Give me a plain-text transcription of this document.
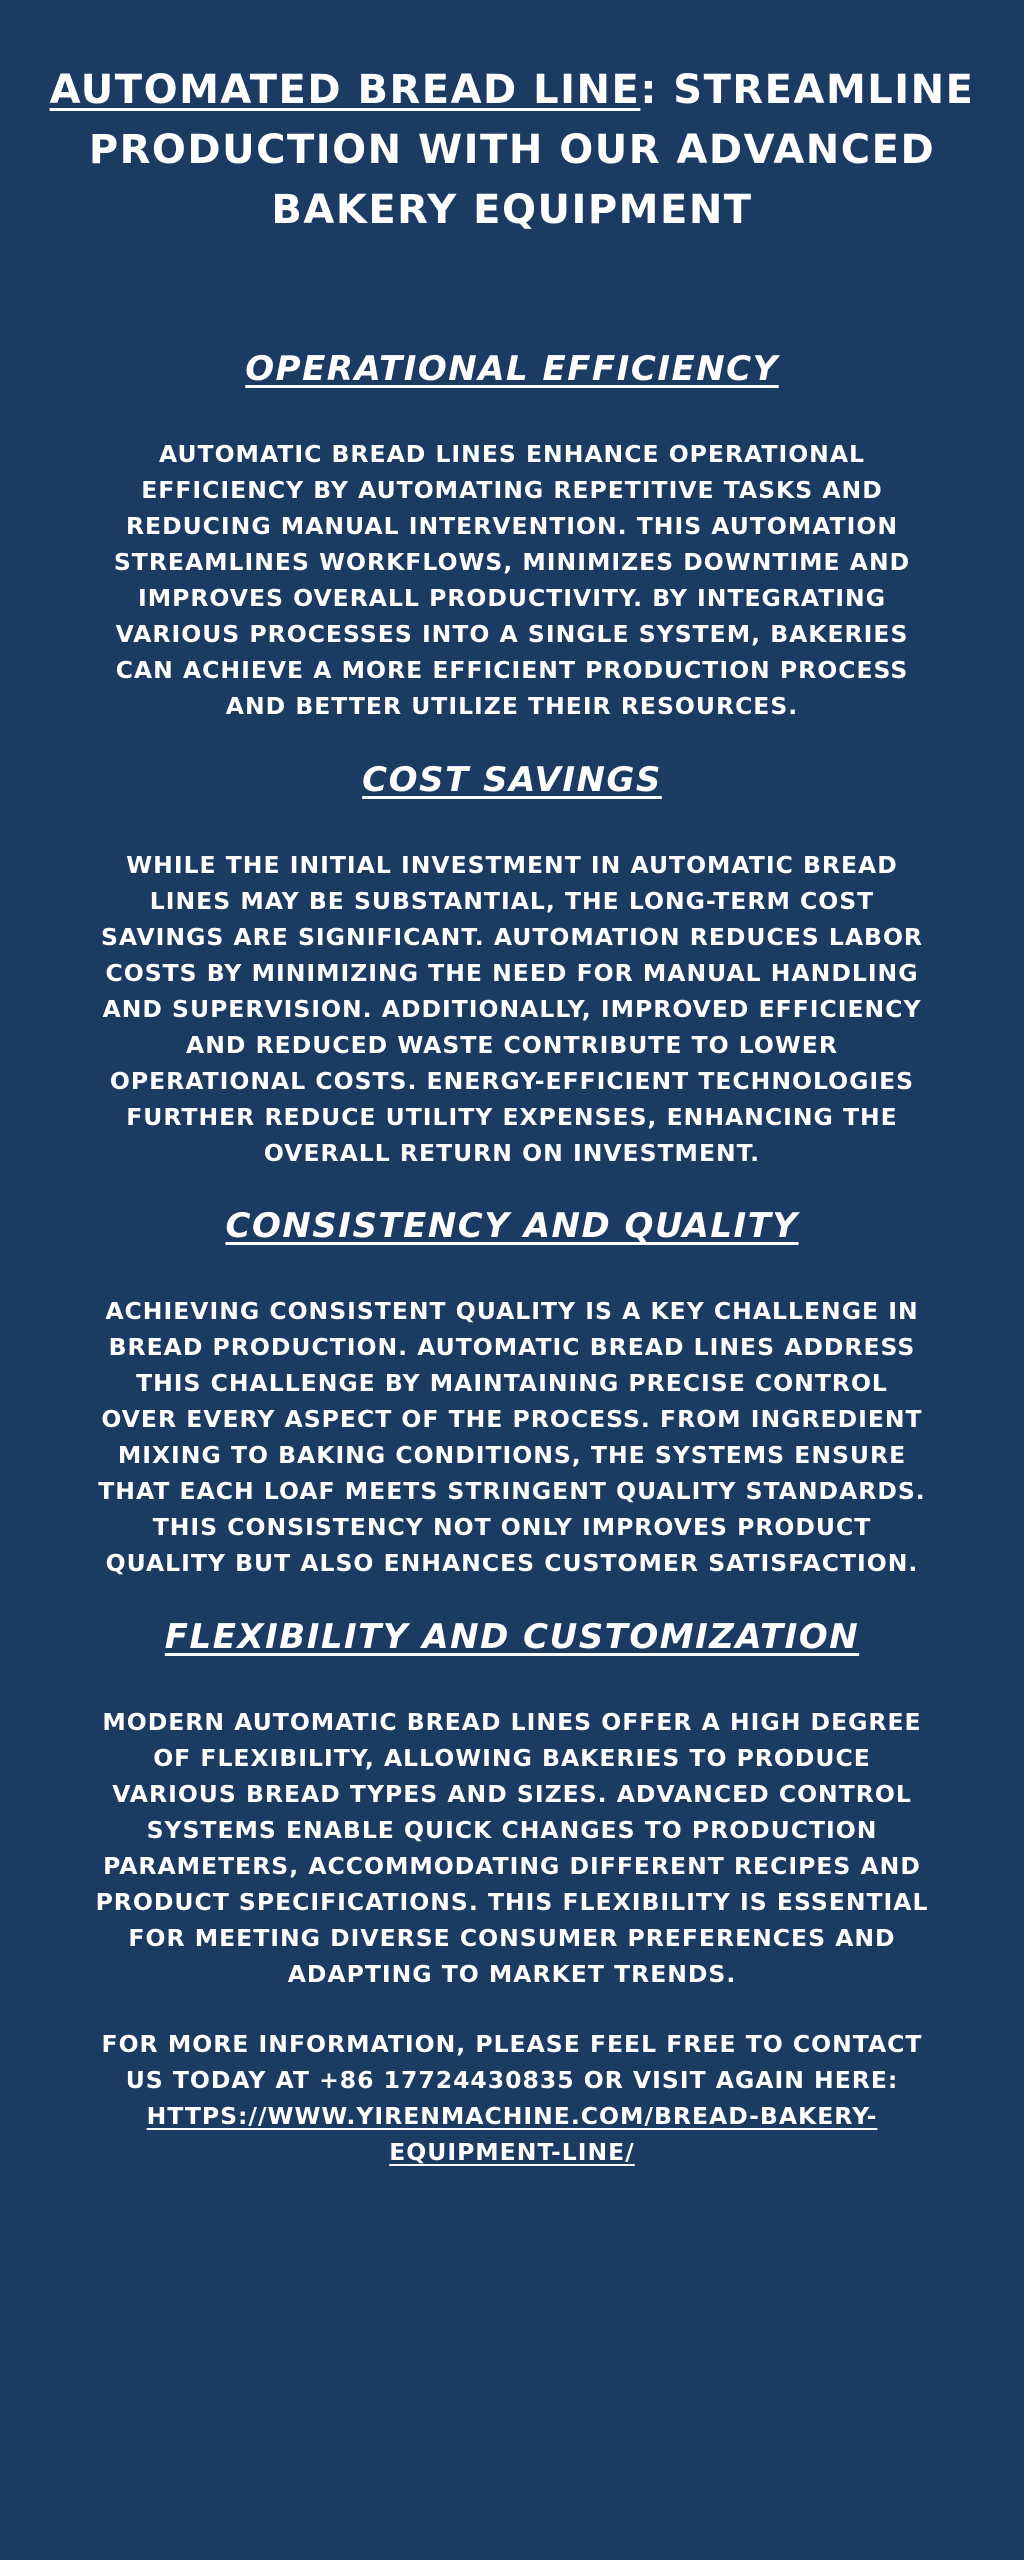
AUTOMATED BREAD LINE: STREAMLINE PRODUCTION WITH OUR ADVANCED BAKERY EQUIPMENT
OPERATIONAL EFFICIENCY

AUTOMATIC BREAD LINES ENHANCE OPERATIONAL EFFICIENCY BY AUTOMATING REPETITIVE TASKS AND REDUCING MANUAL INTERVENTION. THIS AUTOMATION STREAMLINES WORKFLOWS, MINIMIZES DOWNTIME AND IMPROVES OVERALL PRODUCTIVITY. BY INTEGRATING VARIOUS PROCESSES INTO A SINGLE SYSTEM, BAKERIES CAN ACHIEVE A MORE EFFICIENT PRODUCTION PROCESS AND BETTER UTILIZE THEIR RESOURCES.

COST SAVINGS

WHILE THE INITIAL INVESTMENT IN AUTOMATIC BREAD LINES MAY BE SUBSTANTIAL, THE LONG-TERM COST SAVINGS ARE SIGNIFICANT. AUTOMATION REDUCES LABOR COSTS BY MINIMIZING THE NEED FOR MANUAL HANDLING AND SUPERVISION. ADDITIONALLY, IMPROVED EFFICIENCY AND REDUCED WASTE CONTRIBUTE TO LOWER OPERATIONAL COSTS. ENERGY-EFFICIENT TECHNOLOGIES FURTHER REDUCE UTILITY EXPENSES, ENHANCING THE OVERALL RETURN ON INVESTMENT.

CONSISTENCY AND QUALITY

ACHIEVING CONSISTENT QUALITY IS A KEY CHALLENGE IN BREAD PRODUCTION. AUTOMATIC BREAD LINES ADDRESS THIS CHALLENGE BY MAINTAINING PRECISE CONTROL OVER EVERY ASPECT OF THE PROCESS. FROM INGREDIENT MIXING TO BAKING CONDITIONS, THE SYSTEMS ENSURE THAT EACH LOAF MEETS STRINGENT QUALITY STANDARDS. THIS CONSISTENCY NOT ONLY IMPROVES PRODUCT QUALITY BUT ALSO ENHANCES CUSTOMER SATISFACTION.

FLEXIBILITY AND CUSTOMIZATION

MODERN AUTOMATIC BREAD LINES OFFER A HIGH DEGREE OF FLEXIBILITY, ALLOWING BAKERIES TO PRODUCE VARIOUS BREAD TYPES AND SIZES. ADVANCED CONTROL SYSTEMS ENABLE QUICK CHANGES TO PRODUCTION PARAMETERS, ACCOMMODATING DIFFERENT RECIPES AND PRODUCT SPECIFICATIONS. THIS FLEXIBILITY IS ESSENTIAL FOR MEETING DIVERSE CONSUMER PREFERENCES AND ADAPTING TO MARKET TRENDS.

FOR MORE INFORMATION, PLEASE FEEL FREE TO CONTACT US TODAY AT +86 17724430835 OR VISIT AGAIN HERE: HTTPS://WWW.YIRENMACHINE.COM/BREAD-BAKERY-EQUIPMENT-LINE/
